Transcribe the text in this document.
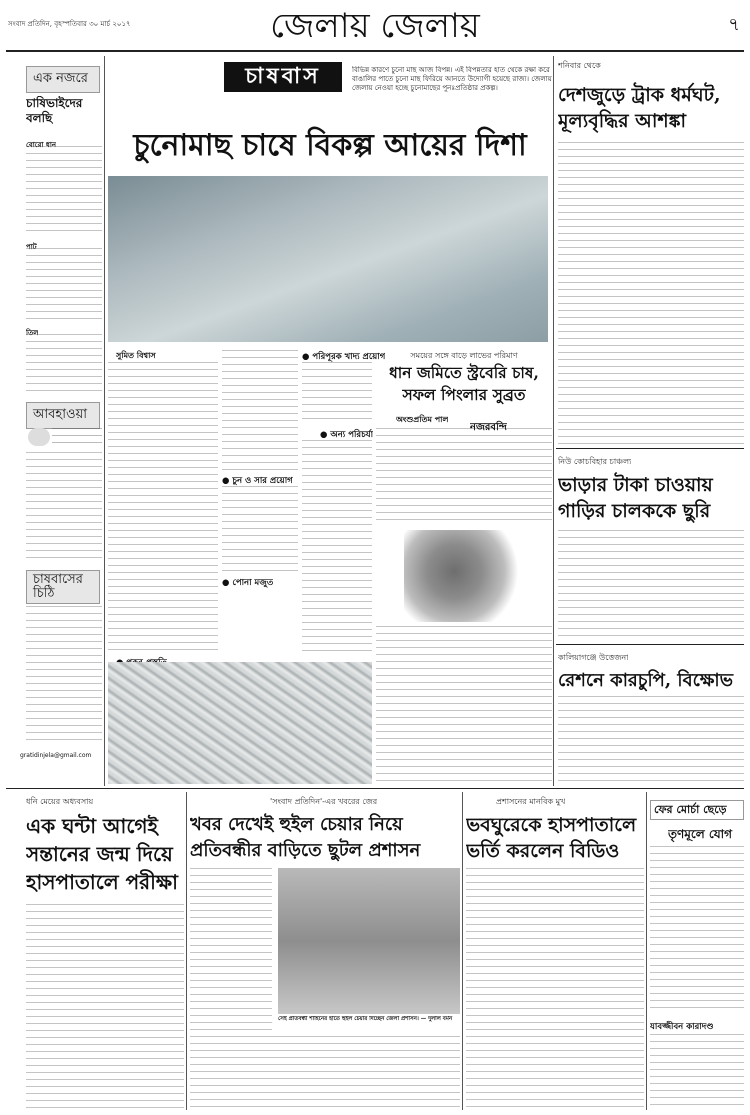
সংবাদ প্রতিদিন, বৃহস্পতিবার ৩০ মার্চ ২০১৭	জেলায় জেলায়	৭
এক নজরে
চাষিভাইদের বলছি
বোরো ধান
পাট
তিল
আবহাওয়া
চাষবাসের চিঠি
gratidinjela@gmail.com
চাষবাস	বিভিন্ন কারণে চুনো মাছ আজ বিপন্ন। এই বিপন্নতার হাত থেকে রক্ষা করে বাঙালির পাতে চুনো মাছ ফিরিয়ে আনতে উদ্যোগী হয়েছে রাজ্য। জেলায় জেলায় নেওয়া হচ্ছে চুনোমাছের পুনঃপ্রতিষ্ঠার প্রকল্প।
চুনোমাছ চাষে বিকল্প আয়ের দিশা
সুমিত বিশ্বাস
● চুন ও সার প্রয়োগ
● পোনা মজুত
● পরিপূরক খাদ্য প্রয়োগ
● অন্য পরিচর্যা
সময়ের সঙ্গে বাড়ে লাভের পরিমাণ
ধান জমিতে স্ট্রবেরি চাষ,
সফল পিংলার সুব্রত
অংশুপ্রতিম পাল
নজরবন্দি
শনিবার থেকে
দেশজুড়ে ট্রাক ধর্মঘট,
মূল্যবৃদ্ধির আশঙ্কা
নিউ কোচবিহার চাঞ্চল্য
ভাড়ার টাকা চাওয়ায়
গাড়ির চালককে ছুরি
কালিয়াগঞ্জে উত্তেজনা
রেশনে কারচুপি, বিক্ষোভ
ধনি মেয়ের অধ্যবসায়
এক ঘন্টা আগেই
সন্তানের জন্ম দিয়ে
হাসপাতালে পরীক্ষা
'সংবাদ প্রতিদিন'-এর খবরের জের
খবর দেখেই হুইল চেয়ার নিয়ে
প্রতিবন্ধীর বাড়িতে ছুটল প্রশাসন
সেই প্রতিবন্ধী শাহিনের হাতে হুইল চেয়ার দিচ্ছেন জেলা প্রশাসন। — দুলাল বর্মন
প্রশাসনের মানবিক মুখ
ভবঘুরেকে হাসপাতালে
ভর্তি করলেন বিডিও
ফের মোর্চা ছেড়ে
তৃণমূলে যোগ
যাবজ্জীবন কারাদণ্ড
